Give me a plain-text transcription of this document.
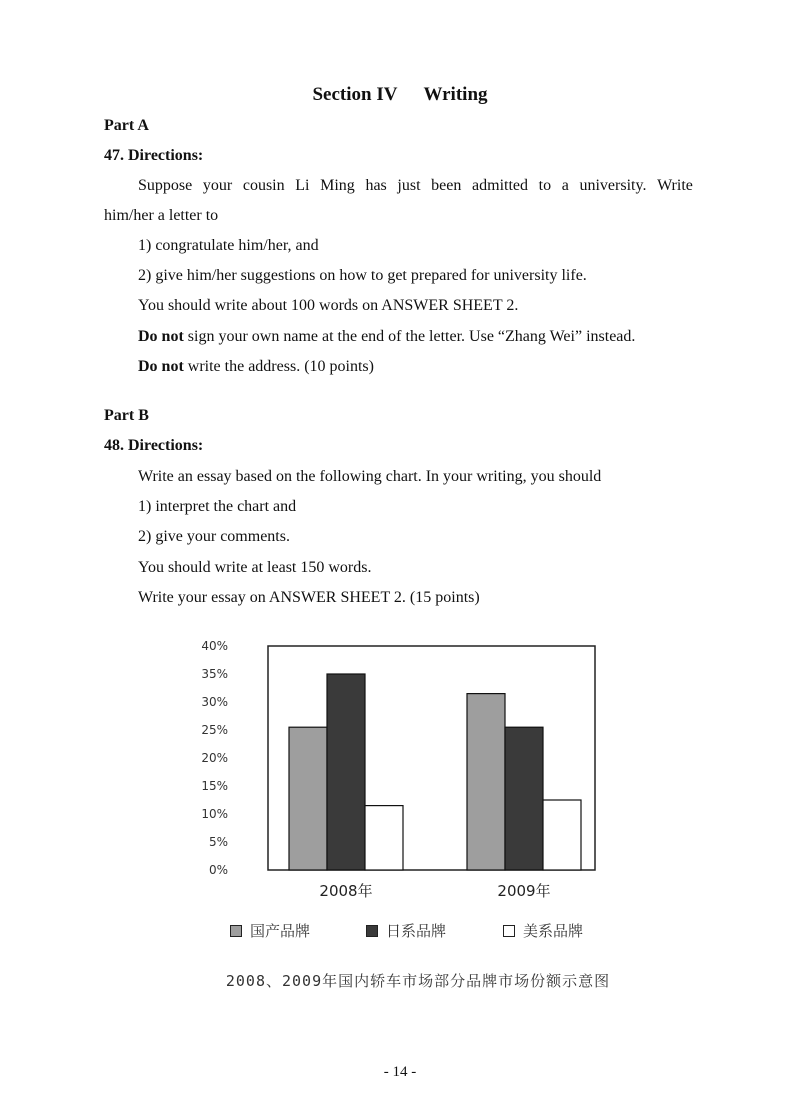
Section IV Writing
Part A
47. Directions:
Suppose your cousin Li Ming has just been admitted to a university. Write
him/her a letter to
1) congratulate him/her, and
2) give him/her suggestions on how to get prepared for university life.
You should write about 100 words on ANSWER SHEET 2.
Do not sign your own name at the end of the letter. Use “Zhang Wei” instead.
Do not write the address. (10 points)
Part B
48. Directions:
Write an essay based on the following chart. In your writing, you should
1) interpret the chart and
2) give your comments.
You should write at least 150 words.
Write your essay on ANSWER SHEET 2. (15 points)
0%
5%
10%
15%
20%
25%
30%
35%
40%
2008年	2009年
国产品牌	日系品牌	美系品牌
2008、2009年国内轿车市场部分品牌市场份额示意图
- 14 -
